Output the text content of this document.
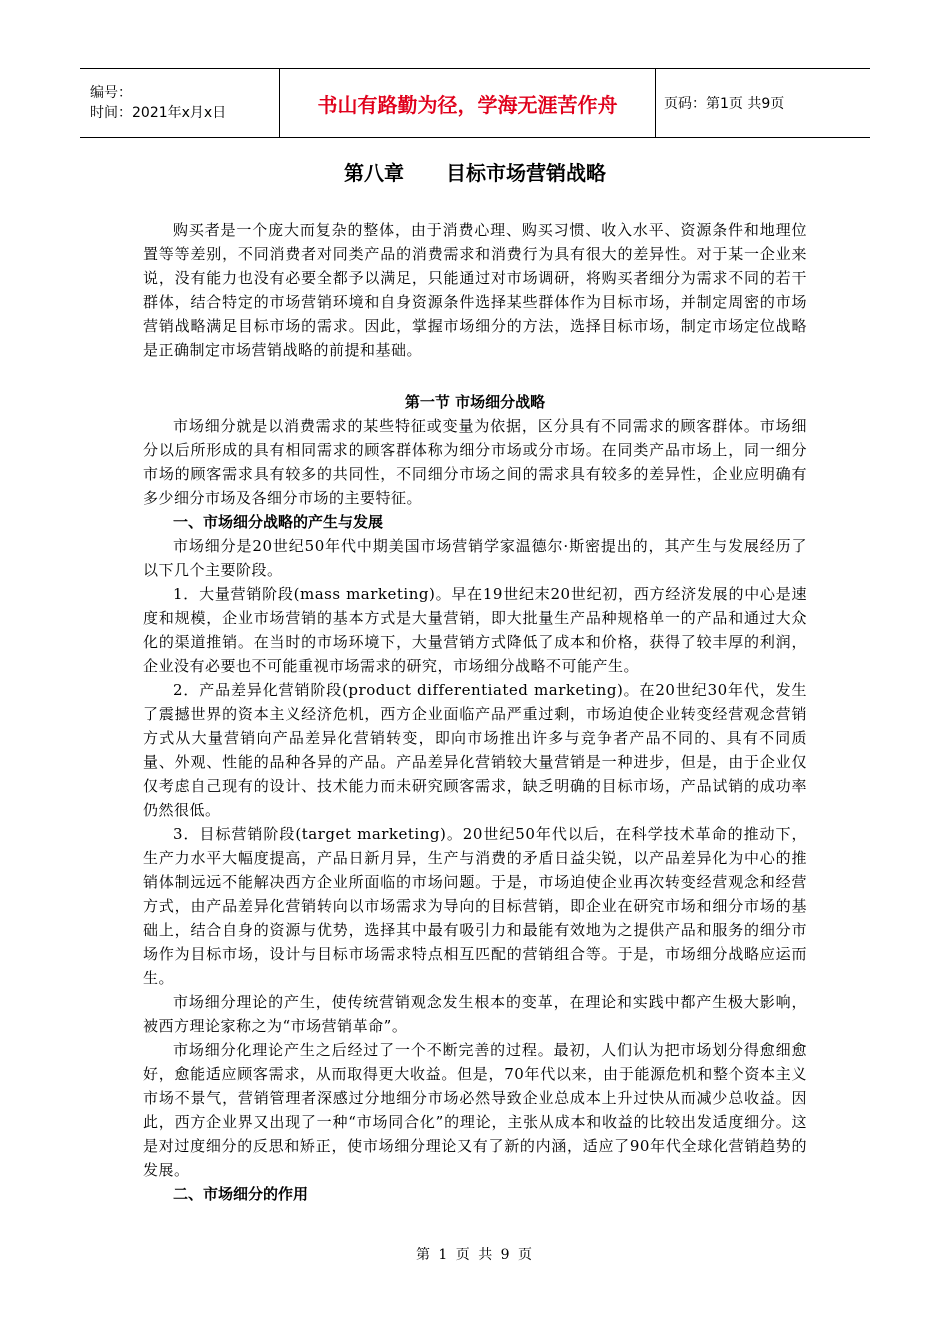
编号：
时间：2021年x月x日	书山有路勤为径，学海无涯苦作舟	页码：第1页 共9页
第八章 目标市场营销战略

购买者是一个庞大而复杂的整体，由于消费心理、购买习惯、收入水平、资源条件和地理位置等等差别，不同消费者对同类产品的消费需求和消费行为具有很大的差异性。对于某一企业来说，没有能力也没有必要全都予以满足，只能通过对市场调研，将购买者细分为需求不同的若干群体，结合特定的市场营销环境和自身资源条件选择某些群体作为目标市场，并制定周密的市场营销战略满足目标市场的需求。因此，掌握市场细分的方法，选择目标市场，制定市场定位战略是正确制定市场营销战略的前提和基础。

第一节 市场细分战略

市场细分就是以消费需求的某些特征或变量为依据，区分具有不同需求的顾客群体。市场细分以后所形成的具有相同需求的顾客群体称为细分市场或分市场。在同类产品市场上，同一细分市场的顾客需求具有较多的共同性，不同细分市场之间的需求具有较多的差异性，企业应明确有多少细分市场及各细分市场的主要特征。

一、市场细分战略的产生与发展

市场细分是20世纪50年代中期美国市场营销学家温德尔·斯密提出的，其产生与发展经历了以下几个主要阶段。

1．大量营销阶段(mass marketing)。早在19世纪末20世纪初，西方经济发展的中心是速度和规模，企业市场营销的基本方式是大量营销，即大批量生产品种规格单一的产品和通过大众化的渠道推销。在当时的市场环境下，大量营销方式降低了成本和价格，获得了较丰厚的利润，企业没有必要也不可能重视市场需求的研究，市场细分战略不可能产生。

2．产品差异化营销阶段(product differentiated marketing)。在20世纪30年代，发生了震撼世界的资本主义经济危机，西方企业面临产品严重过剩，市场迫使企业转变经营观念营销方式从大量营销向产品差异化营销转变，即向市场推出许多与竞争者产品不同的、具有不同质量、外观、性能的品种各异的产品。产品差异化营销较大量营销是一种进步，但是，由于企业仅仅考虑自己现有的设计、技术能力而未研究顾客需求，缺乏明确的目标市场，产品试销的成功率仍然很低。

3．目标营销阶段(target marketing)。20世纪50年代以后，在科学技术革命的推动下，生产力水平大幅度提高，产品日新月异，生产与消费的矛盾日益尖锐，以产品差异化为中心的推销体制远远不能解决西方企业所面临的市场问题。于是，市场迫使企业再次转变经营观念和经营方式，由产品差异化营销转向以市场需求为导向的目标营销，即企业在研究市场和细分市场的基础上，结合自身的资源与优势，选择其中最有吸引力和最能有效地为之提供产品和服务的细分市场作为目标市场，设计与目标市场需求特点相互匹配的营销组合等。于是，市场细分战略应运而生。

市场细分理论的产生，使传统营销观念发生根本的变革，在理论和实践中都产生极大影响，被西方理论家称之为“市场营销革命”。

市场细分化理论产生之后经过了一个不断完善的过程。最初，人们认为把市场划分得愈细愈好，愈能适应顾客需求，从而取得更大收益。但是，70年代以来，由于能源危机和整个资本主义市场不景气，营销管理者深感过分地细分市场必然导致企业总成本上升过快从而减少总收益。因此，西方企业界又出现了一种“市场同合化”的理论，主张从成本和收益的比较出发适度细分。这是对过度细分的反思和矫正，使市场细分理论又有了新的内涵，适应了90年代全球化营销趋势的发展。

二、市场细分的作用
第 1 页 共 9 页
